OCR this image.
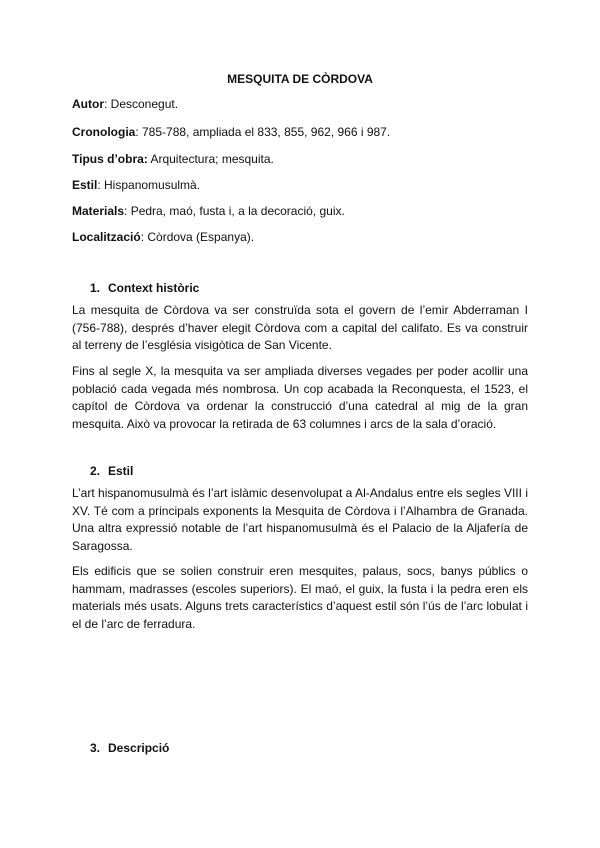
MESQUITA DE CÒRDOVA
Autor: Desconegut.
Cronologia: 785-788, ampliada el 833, 855, 962, 966 i 987.
Tipus d’obra: Arquitectura; mesquita.
Estil: Hispanomusulmà.
Materials: Pedra, maó, fusta i, a la decoració, guix.
Localització: Còrdova (Espanya).
1. Context històric

La mesquita de Còrdova va ser construïda sota el govern de l’emir Abderraman I (756-788), després d’haver elegit Còrdova com a capital del califato. Es va construir al terreny de l’església visigòtica de San Vicente.

Fins al segle X, la mesquita va ser ampliada diverses vegades per poder acollir una població cada vegada més nombrosa. Un cop acabada la Reconquesta, el 1523, el capítol de Còrdova va ordenar la construcció d’una catedral al mig de la gran mesquita. Això va provocar la retirada de 63 columnes i arcs de la sala d’oració.

2. Estil

L’art hispanomusulmà és l’art islàmic desenvolupat a Al-Andalus entre els segles VIII i XV. Té com a principals exponents la Mesquita de Còrdova i l’Alhambra de Granada. Una altra expressió notable de l’art hispanomusulmà és el Palacio de la Aljafería de Saragossa.

Els edificis que se solien construir eren mesquites, palaus, socs, banys públics o hammam, madrasses (escoles superiors). El maó, el guix, la fusta i la pedra eren els materials més usats. Alguns trets característics d’aquest estil són l’ús de l’arc lobulat i el de l’arc de ferradura.

3. Descripció
